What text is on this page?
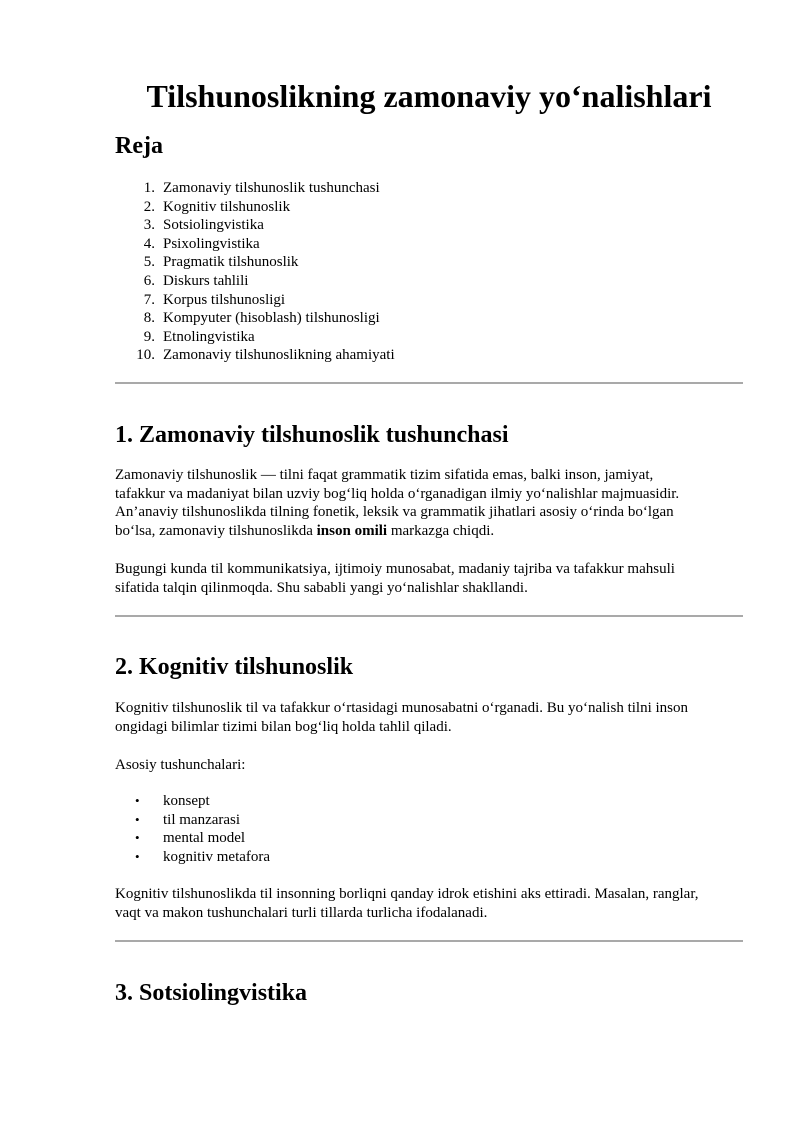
Tilshunoslikning zamonaviy yo‘nalishlari
Reja
1. Zamonaviy tilshunoslik tushunchasi
2. Kognitiv tilshunoslik
3. Sotsiolingvistika
4. Psixolingvistika
5. Pragmatik tilshunoslik
6. Diskurs tahlili
7. Korpus tilshunosligi
8. Kompyuter (hisoblash) tilshunosligi
9. Etnolingvistika
10. Zamonaviy tilshunoslikning ahamiyati
1. Zamonaviy tilshunoslik tushunchasi
Zamonaviy tilshunoslik — tilni faqat grammatik tizim sifatida emas, balki inson, jamiyat,
tafakkur va madaniyat bilan uzviy bog‘liq holda o‘rganadigan ilmiy yo‘nalishlar majmuasidir.
An’anaviy tilshunoslikda tilning fonetik, leksik va grammatik jihatlari asosiy o‘rinda bo‘lgan
bo‘lsa, zamonaviy tilshunoslikda inson omili markazga chiqdi.
Bugungi kunda til kommunikatsiya, ijtimoiy munosabat, madaniy tajriba va tafakkur mahsuli
sifatida talqin qilinmoqda. Shu sababli yangi yo‘nalishlar shakllandi.
2. Kognitiv tilshunoslik
Kognitiv tilshunoslik til va tafakkur o‘rtasidagi munosabatni o‘rganadi. Bu yo‘nalish tilni inson
ongidagi bilimlar tizimi bilan bog‘liq holda tahlil qiladi.
Asosiy tushunchalari:
•	konsept
•	til manzarasi
•	mental model
•	kognitiv metafora
Kognitiv tilshunoslikda til insonning borliqni qanday idrok etishini aks ettiradi. Masalan, ranglar,
vaqt va makon tushunchalari turli tillarda turlicha ifodalanadi.
3. Sotsiolingvistika
